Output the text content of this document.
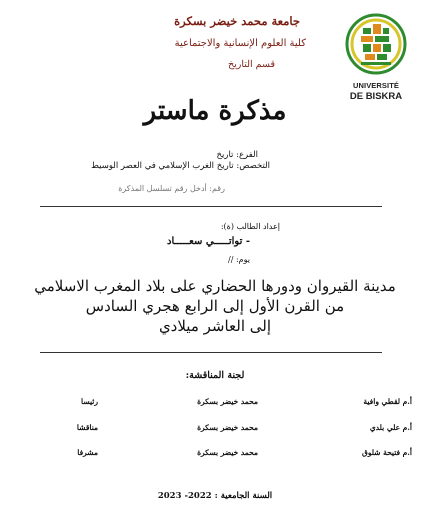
UNIVERSITÉ
DE BISKRA
جامعة محمد خيضر بسكرة
كلية العلوم الإنسانية والاجتماعية
قسم التاريخ
مذكرة ماستر
الفرع: تاريخ
التخصص: تاريخ الغرب الإسلامي في العصر الوسيط
رقم: أدخل رقم تسلسل المذكرة
إعداد الطالب (ة):
- تواتـــــي سعـــــاد
يوم: //
مدينة القيروان ودورها الحضاري على بلاد المغرب الاسلامي
من القرن الأول إلى الرابع هجري السادس
إلى العاشر ميلادي
لجنة المناقشة:
أ.م لقطي وافية
محمد خيضر بسكرة
رئيسا
أ.م علي بلدي
محمد خيضر بسكرة
مناقشا
أ.م فتيحة شلوق
محمد خيضر بسكرة
مشرفا
السنة الجامعية : 2022- 2023
